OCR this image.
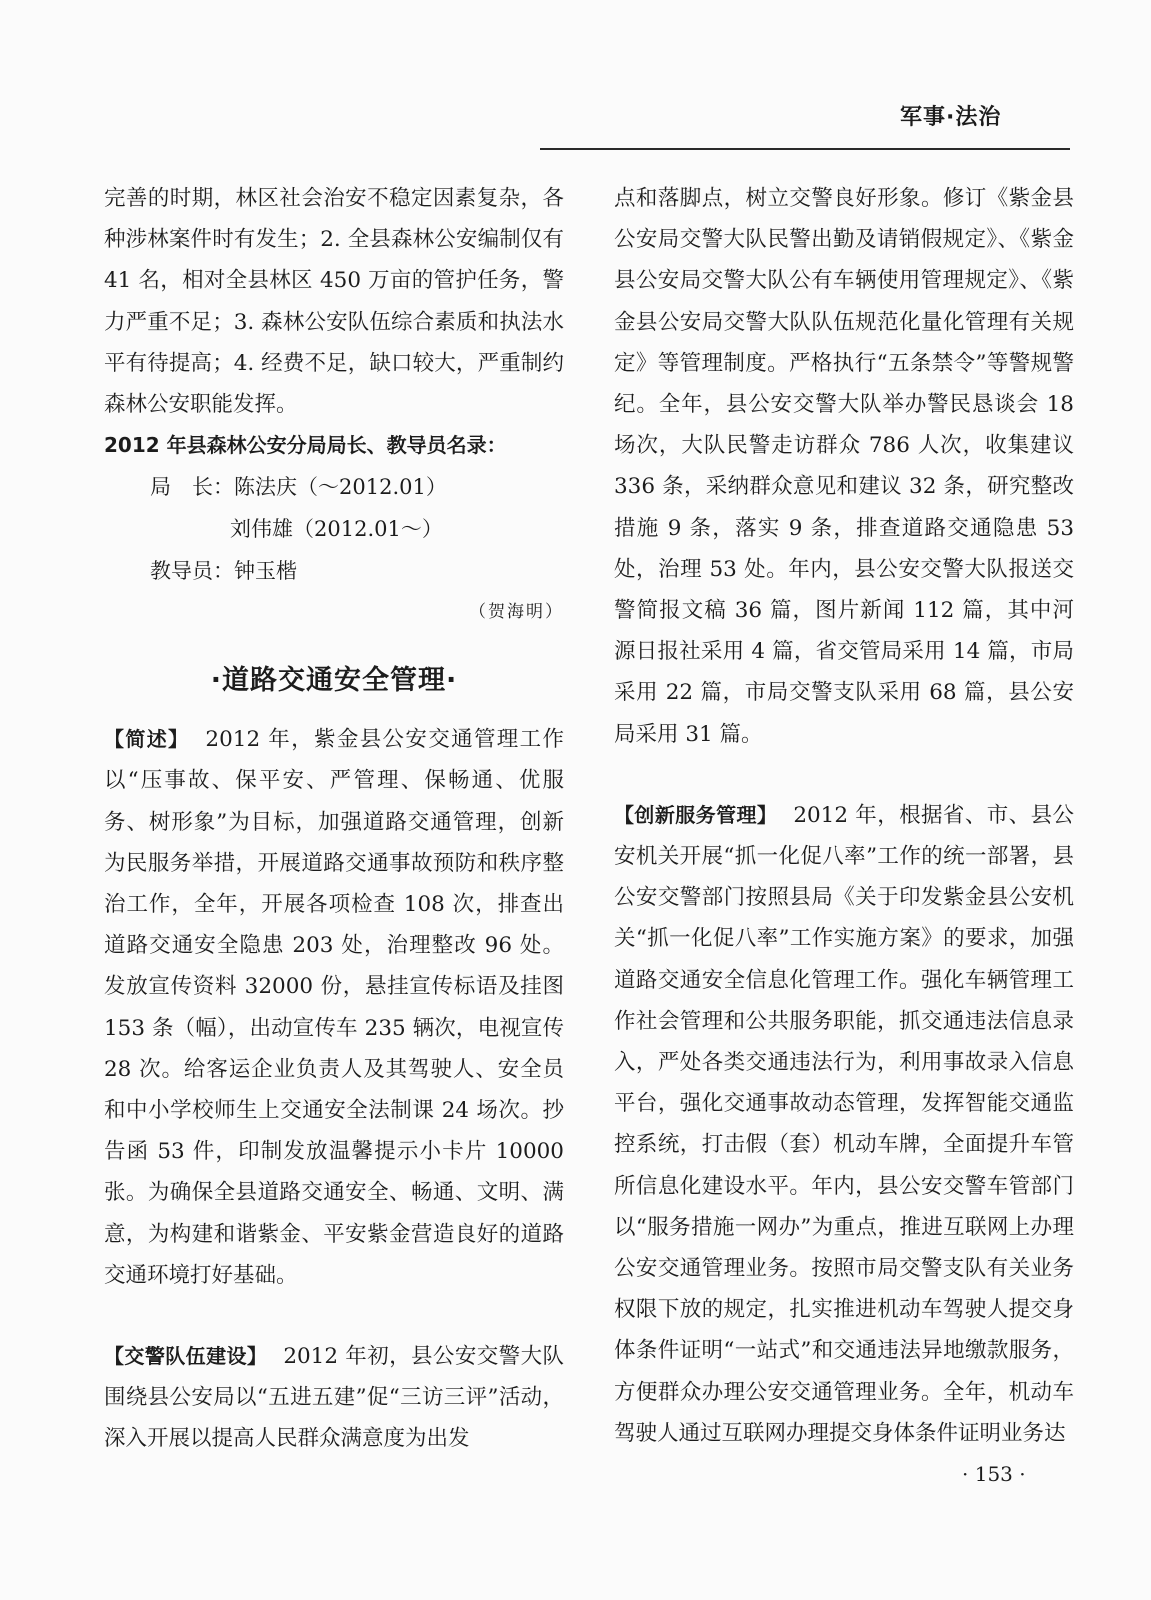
军事·法治

完善的时期，林区社会治安不稳定因素复杂，各种涉林案件时有发生；2. 全县森林公安编制仅有 41 名，相对全县林区 450 万亩的管护任务，警力严重不足；3. 森林公安队伍综合素质和执法水平有待提高；4. 经费不足，缺口较大，严重制约森林公安职能发挥。

2012 年县森林公安分局局长、教导员名录：

局　长：陈法庆（～2012.01）

刘伟雄（2012.01～）

教导员：钟玉楷

（贺海明）

·道路交通安全管理·

【简述】 2012 年，紫金县公安交通管理工作以“压事故、保平安、严管理、保畅通、优服务、树形象”为目标，加强道路交通管理，创新为民服务举措，开展道路交通事故预防和秩序整治工作，全年，开展各项检查 108 次，排查出道路交通安全隐患 203 处，治理整改 96 处。发放宣传资料 32000 份，悬挂宣传标语及挂图 153 条（幅），出动宣传车 235 辆次，电视宣传 28 次。给客运企业负责人及其驾驶人、安全员和中小学校师生上交通安全法制课 24 场次。抄告函 53 件，印制发放温馨提示小卡片 10000 张。为确保全县道路交通安全、畅通、文明、满意，为构建和谐紫金、平安紫金营造良好的道路交通环境打好基础。

【交警队伍建设】 2012 年初，县公安交警大队围绕县公安局以“五进五建”促“三访三评”活动，深入开展以提高人民群众满意度为出发

点和落脚点，树立交警良好形象。修订《紫金县公安局交警大队民警出勤及请销假规定》、《紫金县公安局交警大队公有车辆使用管理规定》、《紫金县公安局交警大队队伍规范化量化管理有关规定》等管理制度。严格执行“五条禁令”等警规警纪。全年，县公安交警大队举办警民恳谈会 18 场次，大队民警走访群众 786 人次，收集建议 336 条，采纳群众意见和建议 32 条，研究整改措施 9 条，落实 9 条，排查道路交通隐患 53 处，治理 53 处。年内，县公安交警大队报送交警简报文稿 36 篇，图片新闻 112 篇，其中河源日报社采用 4 篇，省交管局采用 14 篇，市局采用 22 篇，市局交警支队采用 68 篇，县公安局采用 31 篇。

【创新服务管理】 2012 年，根据省、市、县公安机关开展“抓一化促八率”工作的统一部署，县公安交警部门按照县局《关于印发紫金县公安机关“抓一化促八率”工作实施方案》的要求，加强道路交通安全信息化管理工作。强化车辆管理工作社会管理和公共服务职能，抓交通违法信息录入，严处各类交通违法行为，利用事故录入信息平台，强化交通事故动态管理，发挥智能交通监控系统，打击假（套）机动车牌，全面提升车管所信息化建设水平。年内，县公安交警车管部门以“服务措施一网办”为重点，推进互联网上办理公安交通管理业务。按照市局交警支队有关业务权限下放的规定，扎实推进机动车驾驶人提交身体条件证明“一站式”和交通违法异地缴款服务，方便群众办理公安交通管理业务。全年，机动车驾驶人通过互联网办理提交身体条件证明业务达

· 153 ·
